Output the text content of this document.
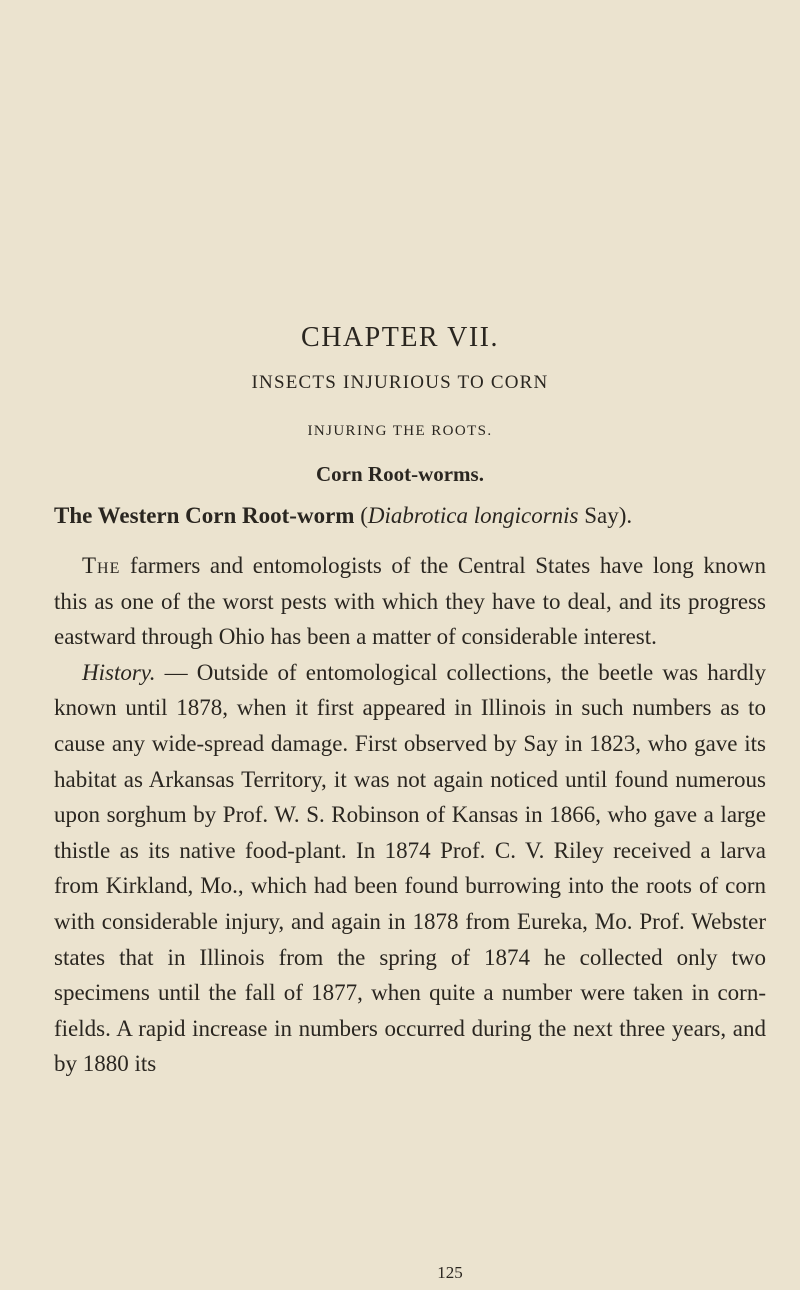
CHAPTER VII.
INSECTS INJURIOUS TO CORN
INJURING THE ROOTS.
Corn Root-worms.
The Western Corn Root-worm (Diabrotica longicornis Say).

The farmers and entomologists of the Central States have long known this as one of the worst pests with which they have to deal, and its progress eastward through Ohio has been a matter of considerable interest.

History. — Outside of entomological collections, the beetle was hardly known until 1878, when it first appeared in Illinois in such numbers as to cause any wide-spread damage. First observed by Say in 1823, who gave its habitat as Arkansas Territory, it was not again noticed until found numerous upon sorghum by Prof. W. S. Robinson of Kansas in 1866, who gave a large thistle as its native food-plant. In 1874 Prof. C. V. Riley received a larva from Kirkland, Mo., which had been found burrowing into the roots of corn with considerable injury, and again in 1878 from Eureka, Mo. Prof. Webster states that in Illinois from the spring of 1874 he collected only two specimens until the fall of 1877, when quite a number were taken in corn-fields. A rapid increase in numbers occurred during the next three years, and by 1880 its

125
